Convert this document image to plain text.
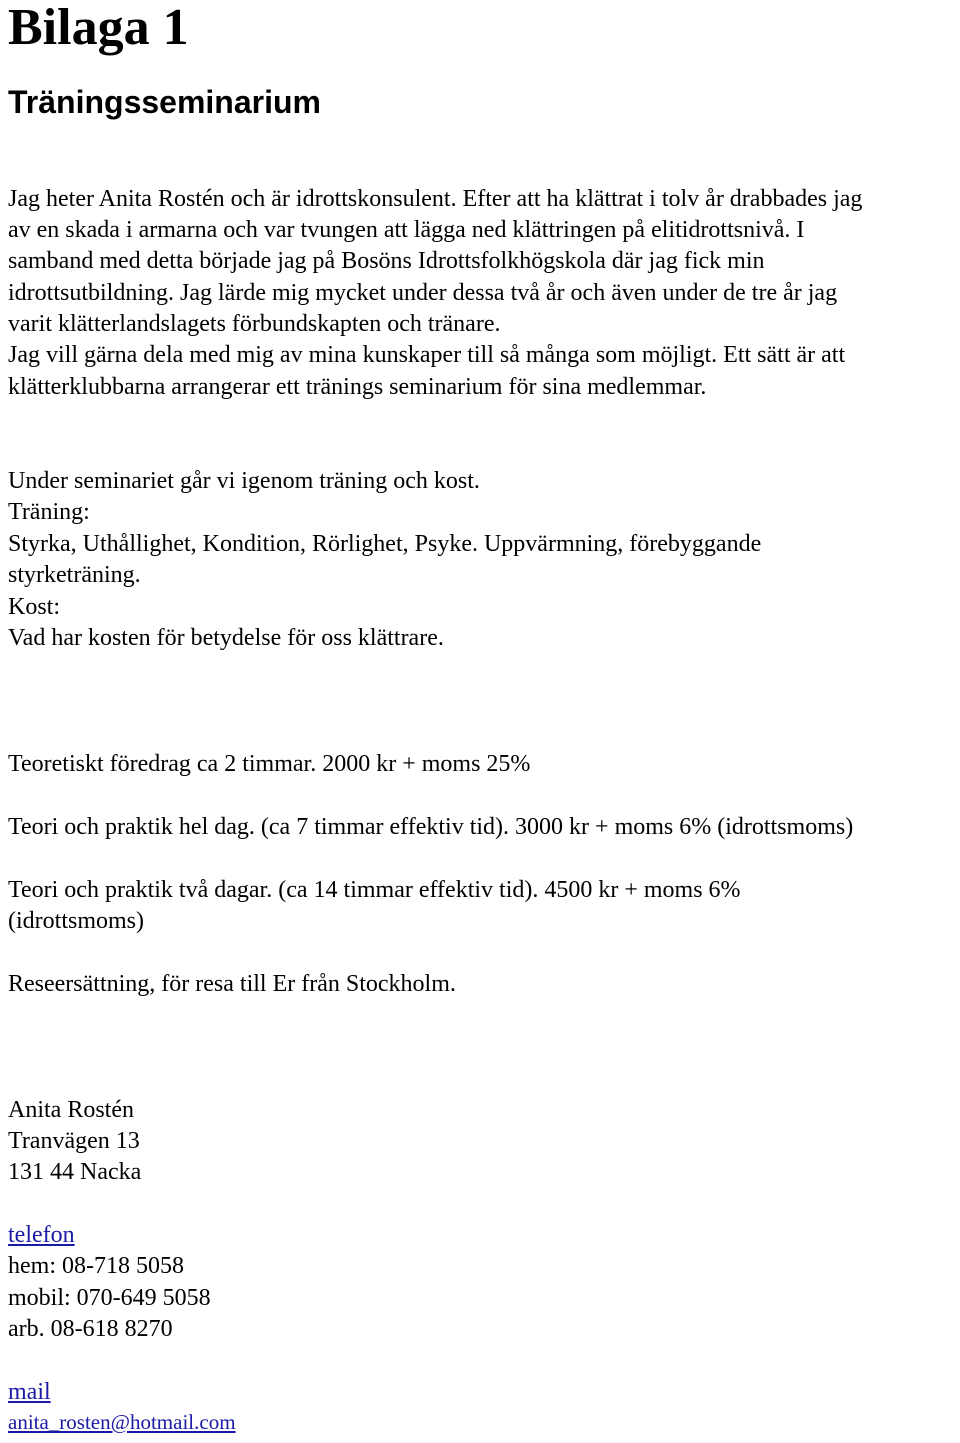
Bilaga 1
Träningsseminarium

Jag heter Anita Rostén och är idrottskonsulent. Efter att ha klättrat i tolv år drabbades jag

av en skada i armarna och var tvungen att lägga ned klättringen på elitidrottsnivå. I

samband med detta började jag på Bosöns Idrottsfolkhögskola där jag fick min

idrottsutbildning. Jag lärde mig mycket under dessa två år och även under de tre år jag

varit klätterlandslagets förbundskapten och tränare.

Jag vill gärna dela med mig av mina kunskaper till så många som möjligt. Ett sätt är att

klätterklubbarna arrangerar ett tränings seminarium för sina medlemmar.

Under seminariet går vi igenom träning och kost.

Träning:

Styrka, Uthållighet, Kondition, Rörlighet, Psyke. Uppvärmning, förebyggande

styrketräning.

Kost:

Vad har kosten för betydelse för oss klättrare.

Teoretiskt föredrag ca 2 timmar. 2000 kr + moms 25%

Teori och praktik hel dag. (ca 7 timmar effektiv tid). 3000 kr + moms 6% (idrottsmoms)

Teori och praktik två dagar. (ca 14 timmar effektiv tid). 4500 kr + moms 6%

(idrottsmoms)

Reseersättning, för resa till Er från Stockholm.

Anita Rostén

Tranvägen 13

131 44 Nacka

telefon

hem: 08-718 5058

mobil: 070-649 5058

arb. 08-618 8270

mail

anita_rosten@hotmail.com
